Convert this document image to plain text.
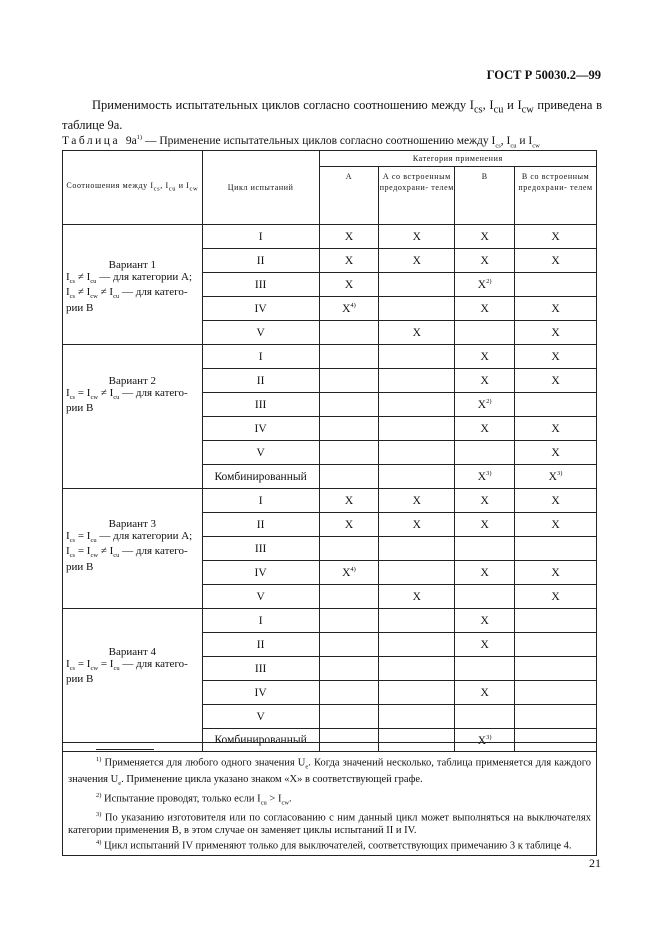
ГОСТ Р 50030.2—99
Применимость испытательных циклов согласно соотношению между $I_{cs}$, $I_{cu}$ и $I_{cw}$ приведена в таблице 9а.
Таблица $9а^{1)}$ — Применение испытательных циклов согласно соотношению между $I_{cs}$, $I_{cu}$ и $I_{cw}$
Соотношения между $I_{cs}$, $I_{cu}$ и $I_{cw}$	Цикл испытаний	Категория применения			
		А	А со встроенным предохрани- телем	В	В со встроенным предохрани- телем

Вариант 1
$I_{cs} \ne I_{cu}$ — для категории А;
$I_{cs} \ne I_{cw} \ne I_{cu}$ — для катего-
рии В	I	X	X	X	X
	II	X	X	X	X
	III	X		$X^{2)}$	
	IV	$X^{4)}$		X	X
	V		X		X

Вариант 2
$I_{cs} = I_{cw} \ne I_{cu}$ — для катего-
рии В	I			X	X
	II			X	X
	III			$X^{2)}$	
	IV			X	X
	V				X
	Комбинированный			$X^{3)}$	$X^{3)}$

Вариант 3
$I_{cs} = I_{cu}$ — для категории А;
$I_{cs} = I_{cw} \ne I_{cu}$ — для катего-
рии В	I	X	X	X	X
	II	X	X	X	X
	III				
	IV	$X^{4)}$		X	X
	V		X		X

Вариант 4
$I_{cs} = I_{cw} = I_{cu}$ — для катего-
рии В	I			X	
	II			X	
	III				
	IV			X	
	V				
	Комбинированный			$X^{3)}$	

$^{1)}$ Применяется для любого одного значения $U_e$. Когда значений несколько, таблица применяется для каждого значения $U_e$. Применение цикла указано знаком «Х» в соответствующей графе.

$^{2)}$ Испытание проводят, только если $I_{cu} > I_{cw}$.

$^{3)}$ По указанию изготовителя или по согласованию с ним данный цикл может выполняться на выключателях категории применения В, в этом случае он заменяет циклы испытаний II и IV.

$^{4)}$ Цикл испытаний IV применяют только для выключателей, соответствующих примечанию 3 к таблице 4.

21
